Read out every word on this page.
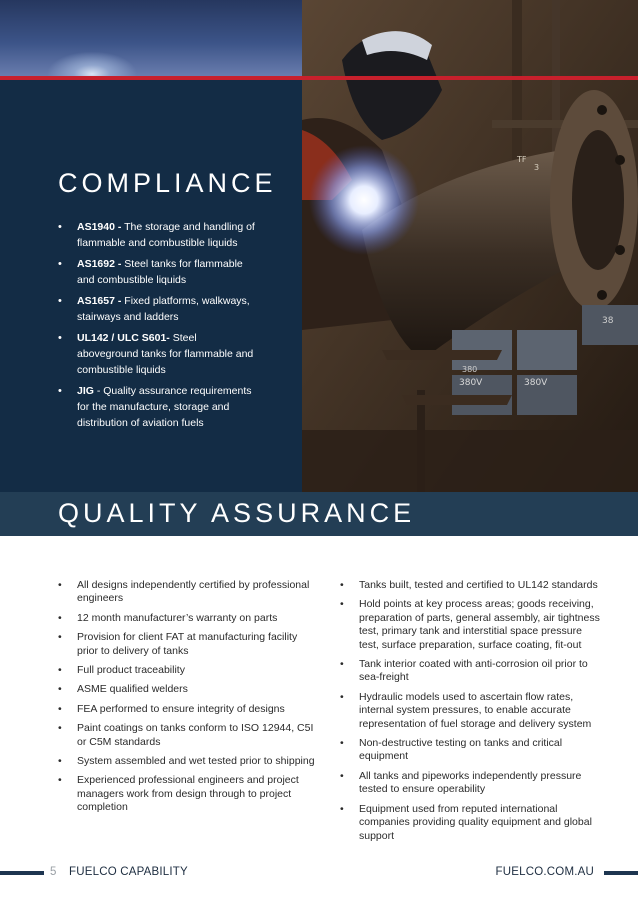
380V	380V
380
38
TF
3
COMPLIANCE
• AS1940 - The storage and handling of flammable and combustible liquids
• AS1692 - Steel tanks for flammable and combustible liquids
• AS1657 - Fixed platforms, walkways, stairways and ladders
• UL142 / ULC S601- Steel aboveground tanks for flammable and combustible liquids
• JIG - Quality assurance requirements for the manufacture, storage and distribution of aviation fuels
QUALITY ASSURANCE
• All designs independently certified by professional engineers
• 12 month manufacturer’s warranty on parts
• Provision for client FAT at manufacturing facility prior to delivery of tanks
• Full product traceability
• ASME qualified welders
• FEA performed to ensure integrity of designs
• Paint coatings on tanks conform to ISO 12944, C5I or C5M standards
• System assembled and wet tested prior to shipping
• Experienced professional engineers and project managers work from design through to project completion
• Tanks built, tested and certified to UL142 standards
• Hold points at key process areas; goods receiving, preparation of parts, general assembly, air tightness test, primary tank and interstitial space pressure test, surface preparation, surface coating, fit-out
• Tank interior coated with anti-corrosion oil prior to sea-freight
• Hydraulic models used to ascertain flow rates, internal system pressures, to enable accurate representation of fuel storage and delivery system
• Non-destructive testing on tanks and critical equipment
• All tanks and pipeworks independently pressure tested to ensure operability
• Equipment used from reputed international companies providing quality equipment and global support
5 FUELCO CAPABILITY	FUELCO.COM.AU
